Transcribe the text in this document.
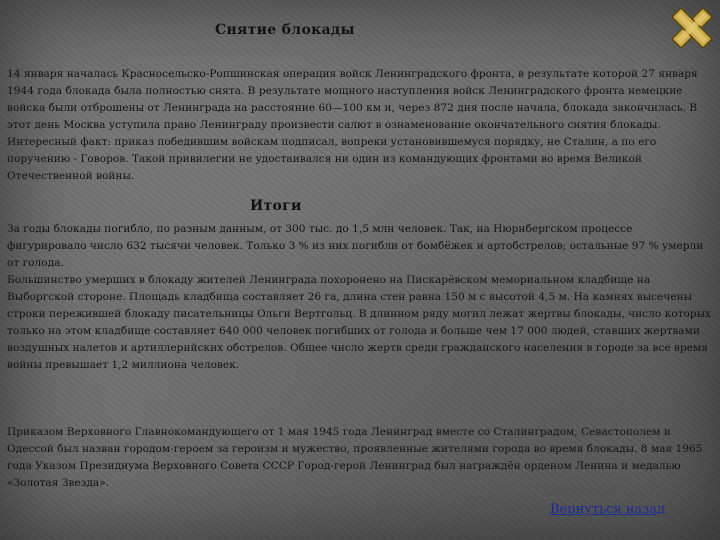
Снятие блокады

14 января началась Красносельско-Ропшинская операция войск Ленинградского фронта, в результате которой 27 января 1944 года блокада была полностью снята. В результате мощного наступления войск Ленинградского фронта немецкие войска были отброшены от Ленинграда на расстояние 60—100 км и, через 872 дня после начала, блокада закончилась. В этот день Москва уступила право Ленинграду произвести салют в ознаменование окончательного снятия блокады. Интересный факт: приказ победившим войскам подписал, вопреки установившемуся порядку, не Сталин, а по его поручению - Говоров. Такой привилегии не удостаивался ни один из командующих фронтами во время Великой Отечественной войны.

Итоги

За годы блокады погибло, по разным данным, от 300 тыс. до 1,5 млн человек. Так, на Нюрнбергском процессе фигурировало число 632 тысячи человек. Только 3 % из них погибли от бомбёжек и артобстрелов; остальные 97 % умерли от голода.

Большинство умерших в блокаду жителей Ленинграда похоронено на Пискарёвском мемориальном кладбище на Выборгской стороне. Площадь кладбища составляет 26 га, длина стен равна 150 м с высотой 4,5 м. На камнях высечены строки пережившей блокаду писательницы Ольги Вертгольц. В длинном ряду могил лежат жертвы блокады, число которых только на этом кладбище составляет 640 000 человек погибших от голода и больше чем 17 000 людей, ставших жертвами воздушных налетов и артиллерийских обстрелов. Общее число жертв среди гражданского населения в городе за все время войны превышает 1,2 миллиона человек.

Приказом Верховного Главнокомандующего от 1 мая 1945 года Ленинград вместе со Сталинградом, Севастополем и Одессой был назван городом-героем за героизм и мужество, проявленные жителями города во время блокады. 8 мая 1965 года Указом Президиума Верховного Совета СССР Город-герой Ленинград был награждён орденом Ленина и медалью «Золотая Звезда».

Вернуться назад
